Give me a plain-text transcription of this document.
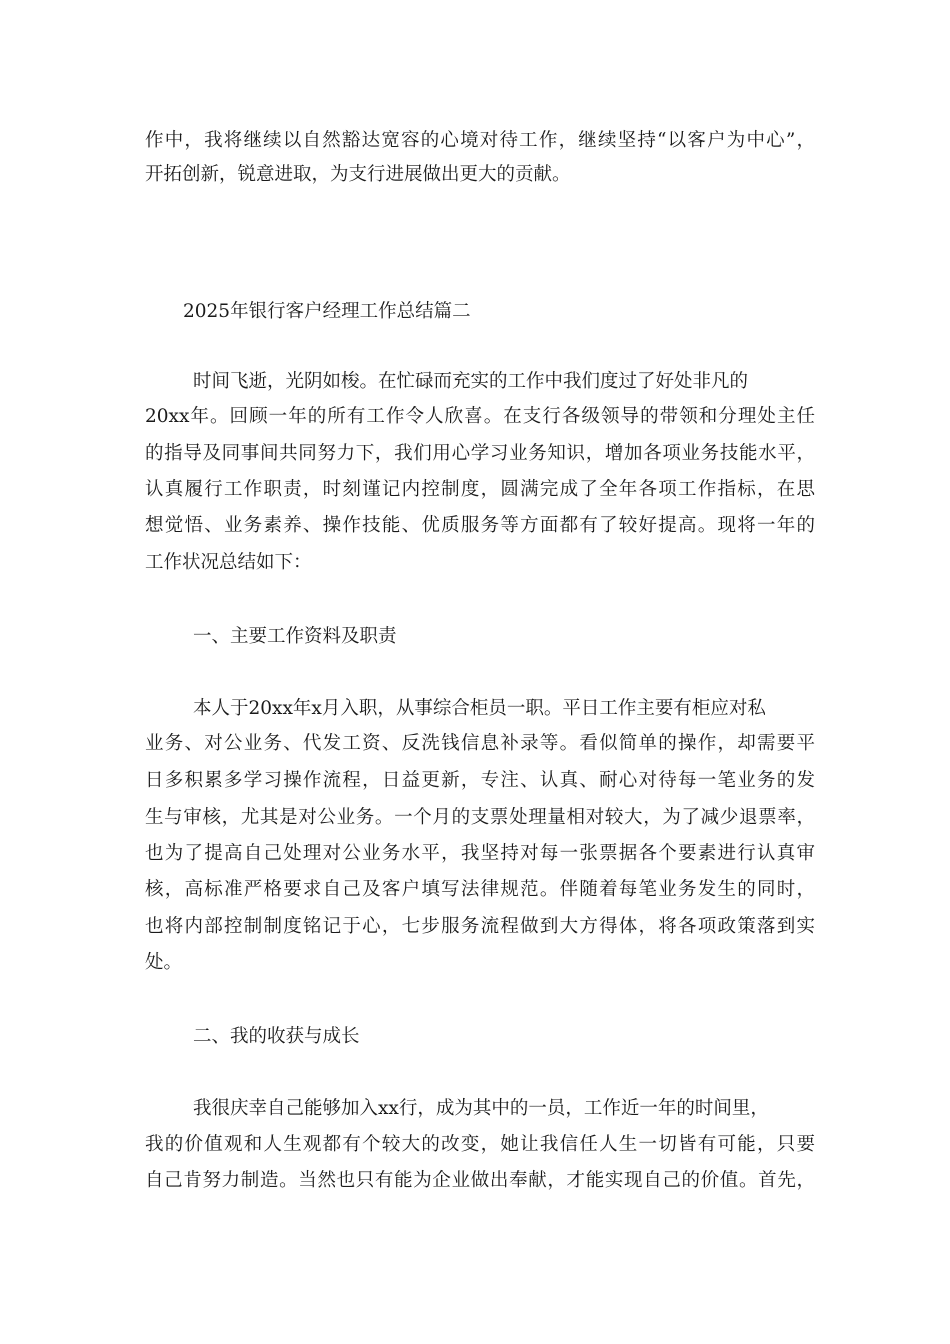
作中，我将继续以自然豁达宽容的心境对待工作，继续坚持“以客户为中心”，
开拓创新，锐意进取，为支行进展做出更大的贡献。
2025年银行客户经理工作总结篇二
时间飞逝，光阴如梭。在忙碌而充实的工作中我们度过了好处非凡的
20xx年。回顾一年的所有工作令人欣喜。在支行各级领导的带领和分理处主任
的指导及同事间共同努力下，我们用心学习业务知识，增加各项业务技能水平，
认真履行工作职责，时刻谨记内控制度，圆满完成了全年各项工作指标，在思
想觉悟、业务素养、操作技能、优质服务等方面都有了较好提高。现将一年的
工作状况总结如下：
一、主要工作资料及职责
本人于20xx年x月入职，从事综合柜员一职。平日工作主要有柜应对私
业务、对公业务、代发工资、反洗钱信息补录等。看似简单的操作，却需要平
日多积累多学习操作流程，日益更新，专注、认真、耐心对待每一笔业务的发
生与审核，尤其是对公业务。一个月的支票处理量相对较大，为了减少退票率，
也为了提高自己处理对公业务水平，我坚持对每一张票据各个要素进行认真审
核，高标准严格要求自己及客户填写法律规范。伴随着每笔业务发生的同时，
也将内部控制制度铭记于心，七步服务流程做到大方得体，将各项政策落到实
处。
二、我的收获与成长
我很庆幸自己能够加入xx行，成为其中的一员，工作近一年的时间里，
我的价值观和人生观都有个较大的改变，她让我信任人生一切皆有可能，只要
自己肯努力制造。当然也只有能为企业做出奉献，才能实现自己的价值。首先，
